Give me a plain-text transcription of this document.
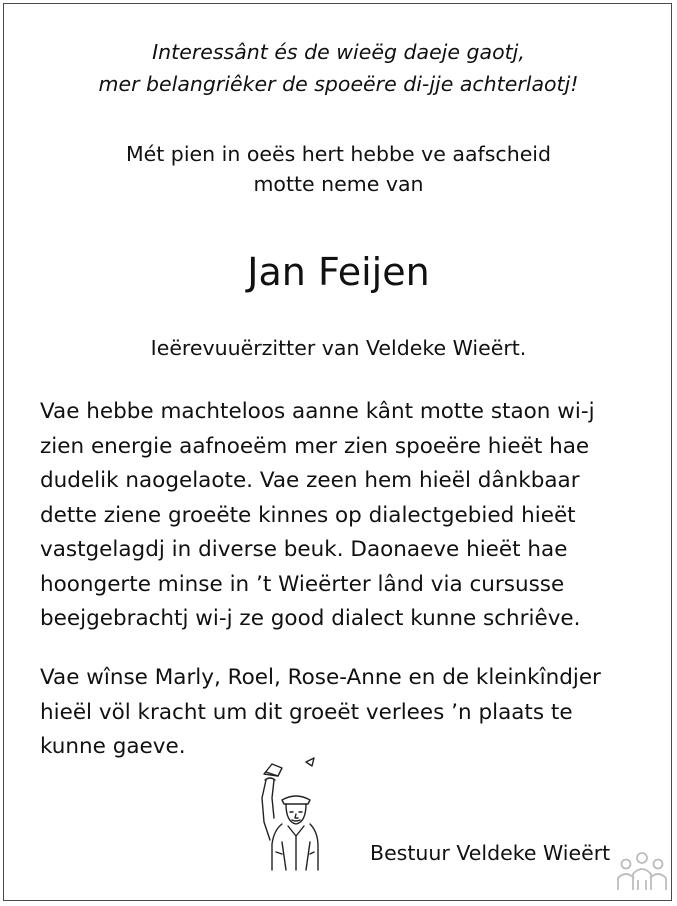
Interessânt és de wieëg daeje gaotj,
mer belangriêker de spoeëre di-jje achterlaotj!
Mét pien in oeës hert hebbe ve aafscheid
motte neme van
Jan Feijen
Ieërevuuërzitter van Veldeke Wieërt.
Vae hebbe machteloos aanne kânt motte staon wi-j
zien energie aafnoeëm mer zien spoeëre hieët hae
dudelik naogelaote. Vae zeen hem hieël dânkbaar
dette ziene groeëte kinnes op dialectgebied hieët
vastgelagdj in diverse beuk. Daonaeve hieët hae
hoongerte minse in ’t Wieërter lând via cursusse
beejgebrachtj wi-j ze good dialect kunne schriêve.
Vae wînse Marly, Roel, Rose-Anne en de kleinkîndjer
hieël völ kracht um dit groeët verlees ’n plaats te
kunne gaeve.
Bestuur Veldeke Wieërt
